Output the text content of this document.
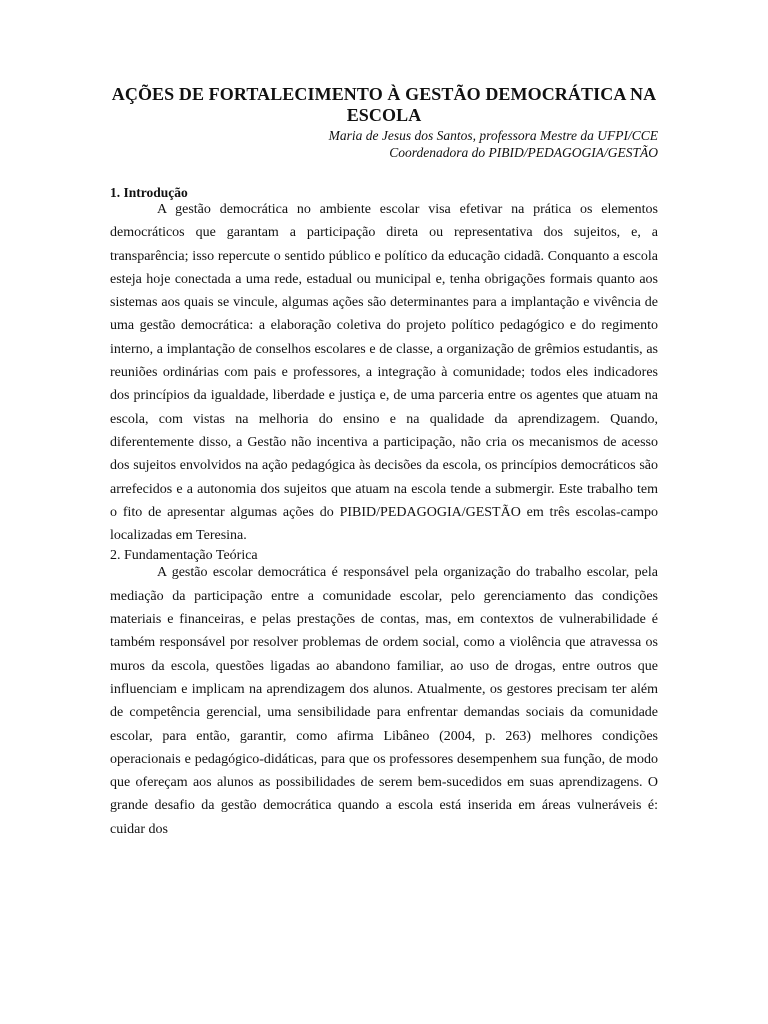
AÇÕES DE FORTALECIMENTO À GESTÃO DEMOCRÁTICA NA
ESCOLA
Maria de Jesus dos Santos, professora Mestre da UFPI/CCE
Coordenadora do PIBID/PEDAGOGIA/GESTÃO
1. Introdução

A gestão democrática no ambiente escolar visa efetivar na prática os elementos democráticos que garantam a participação direta ou representativa dos sujeitos, e, a transparência; isso repercute o sentido público e político da educação cidadã. Conquanto a escola esteja hoje conectada a uma rede, estadual ou municipal e, tenha obrigações formais quanto aos sistemas aos quais se vincule, algumas ações são determinantes para a implantação e vivência de uma gestão democrática: a elaboração coletiva do projeto político pedagógico e do regimento interno, a implantação de conselhos escolares e de classe, a organização de grêmios estudantis, as reuniões ordinárias com pais e professores, a integração à comunidade; todos eles indicadores dos princípios da igualdade, liberdade e justiça e, de uma parceria entre os agentes que atuam na escola, com vistas na melhoria do ensino e na qualidade da aprendizagem. Quando, diferentemente disso, a Gestão não incentiva a participação, não cria os mecanismos de acesso dos sujeitos envolvidos na ação pedagógica às decisões da escola, os princípios democráticos são arrefecidos e a autonomia dos sujeitos que atuam na escola tende a submergir. Este trabalho tem o fito de apresentar algumas ações do PIBID/PEDAGOGIA/GESTÃO em três escolas-campo localizadas em Teresina.

2. Fundamentação Teórica

A gestão escolar democrática é responsável pela organização do trabalho escolar, pela mediação da participação entre a comunidade escolar, pelo gerenciamento das condições materiais e financeiras, e pelas prestações de contas, mas, em contextos de vulnerabilidade é também responsável por resolver problemas de ordem social, como a violência que atravessa os muros da escola, questões ligadas ao abandono familiar, ao uso de drogas, entre outros que influenciam e implicam na aprendizagem dos alunos. Atualmente, os gestores precisam ter além de competência gerencial, uma sensibilidade para enfrentar demandas sociais da comunidade escolar, para então, garantir, como afirma Libâneo (2004, p. 263) melhores condições operacionais e pedagógico-didáticas, para que os professores desempenhem sua função, de modo que ofereçam aos alunos as possibilidades de serem bem-sucedidos em suas aprendizagens. O grande desafio da gestão democrática quando a escola está inserida em áreas vulneráveis é: cuidar dos
